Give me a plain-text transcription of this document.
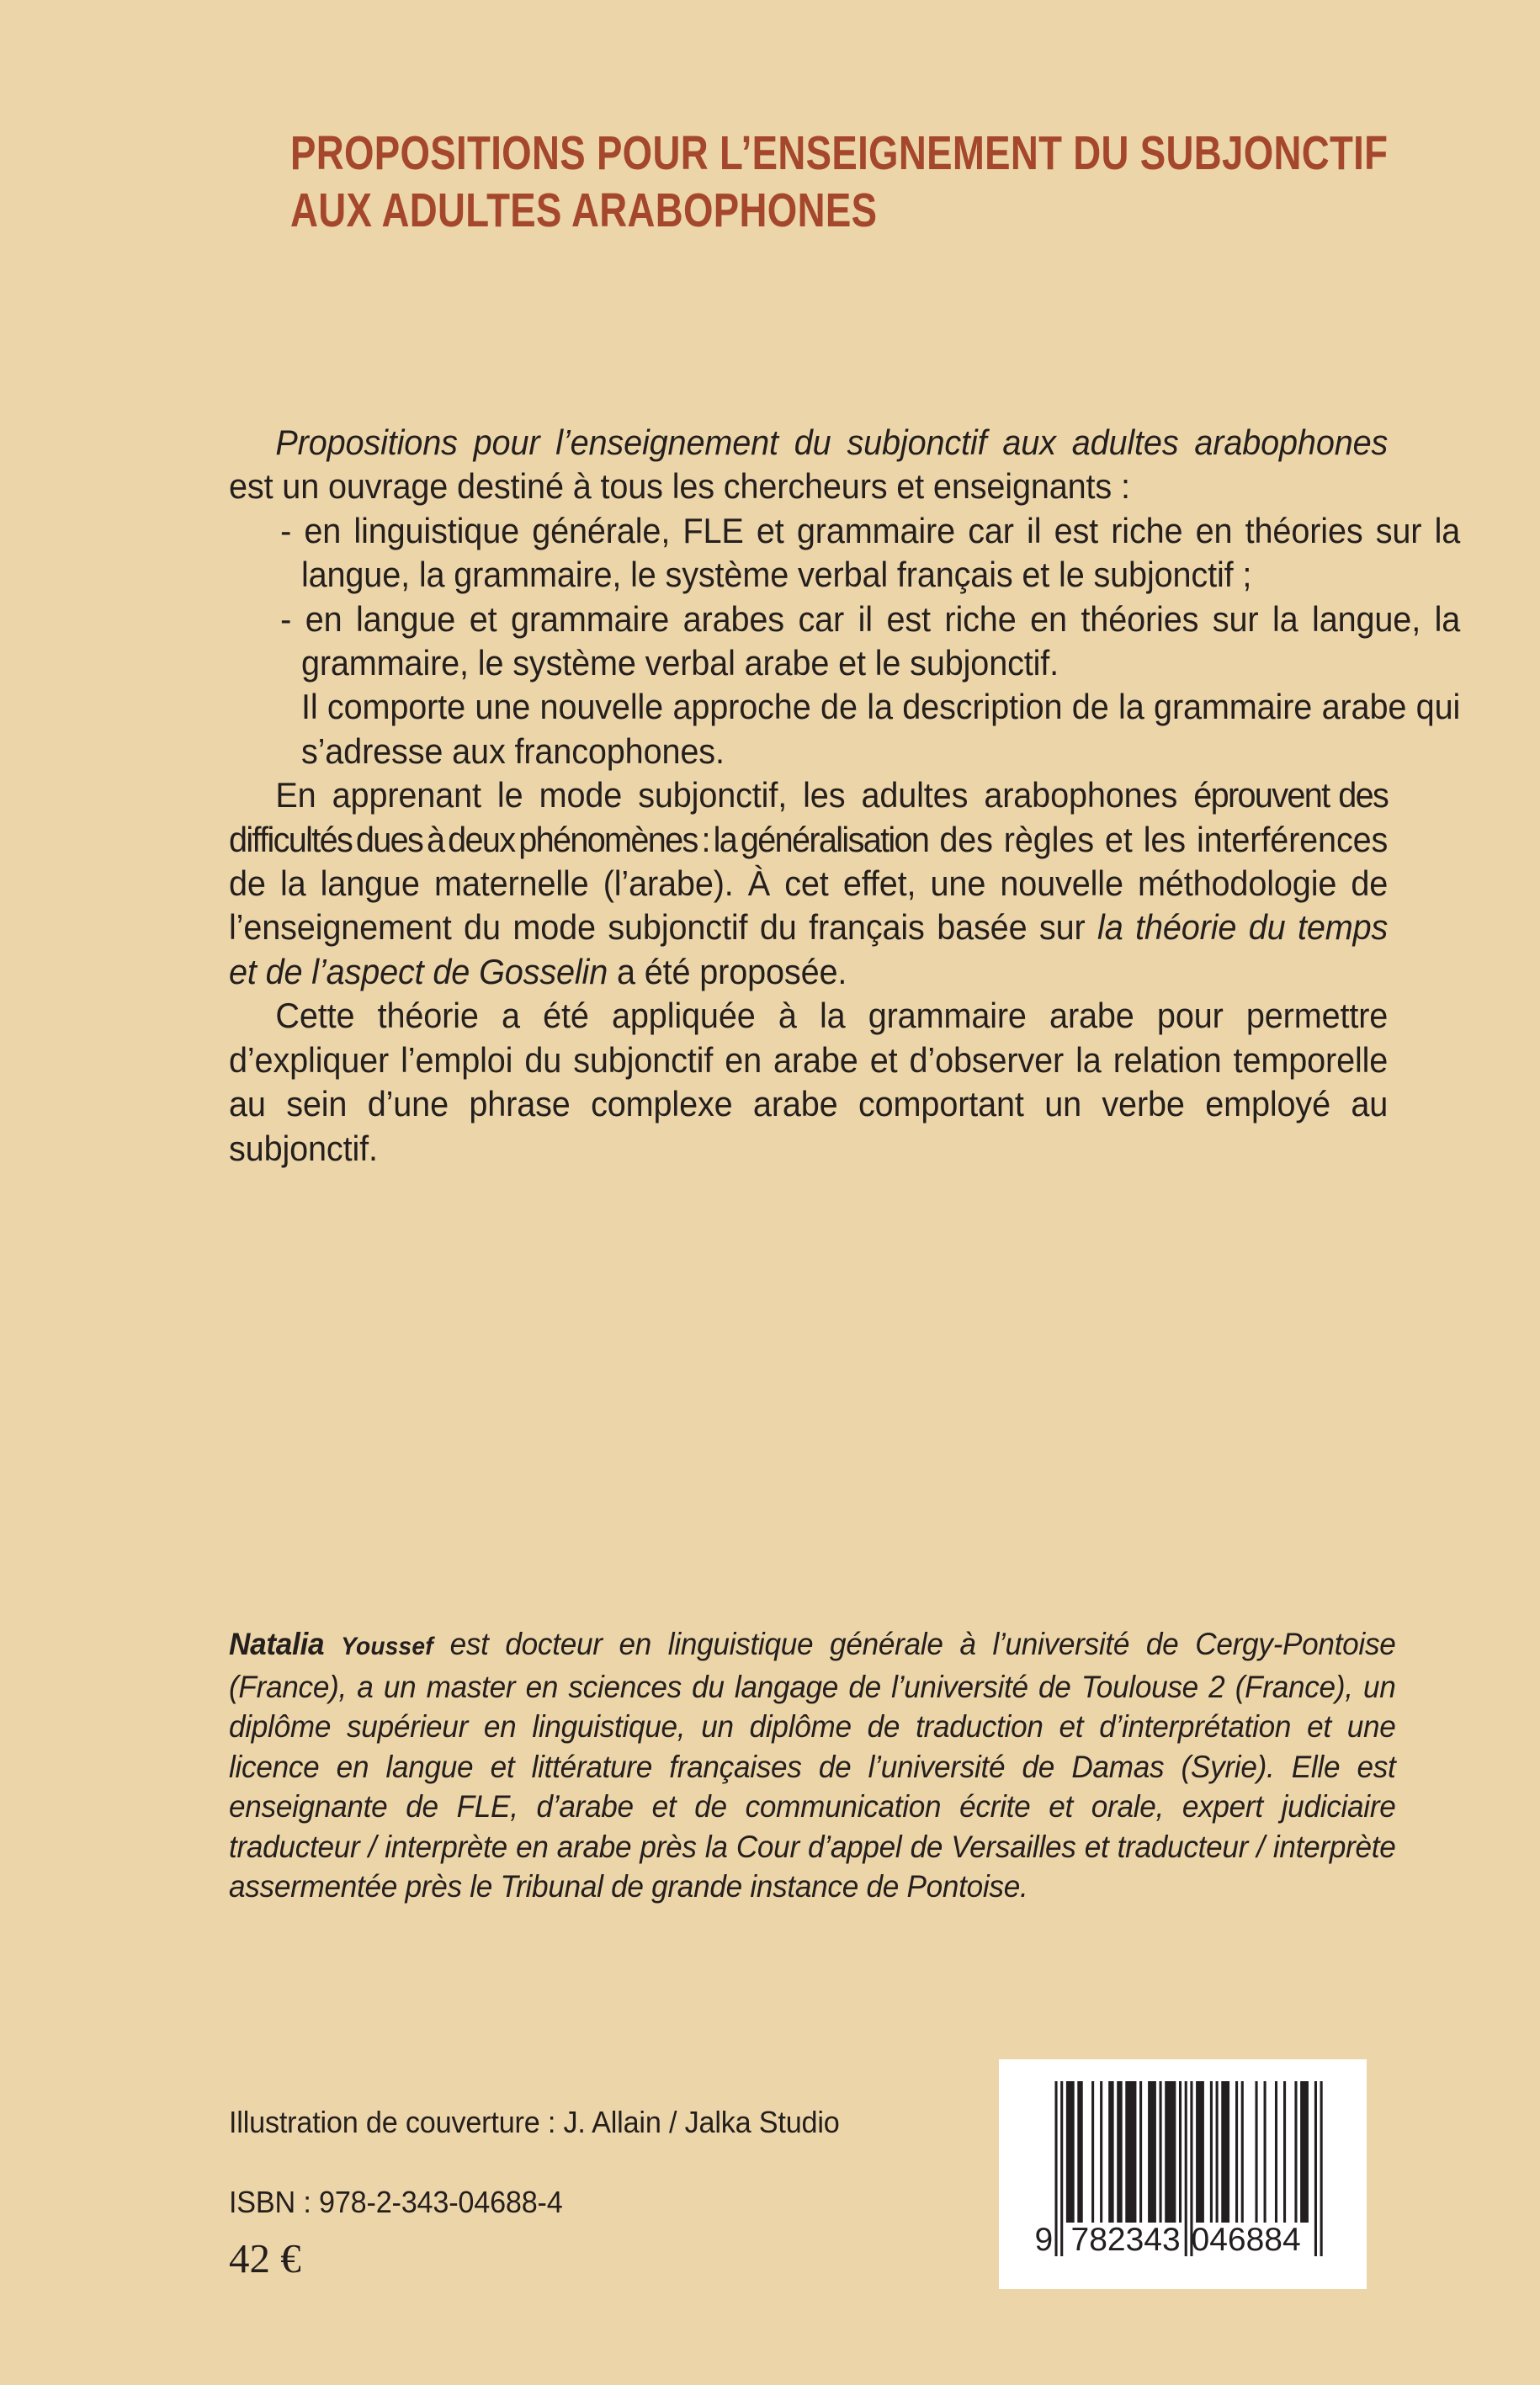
PROPOSITIONS POUR L’ENSEIGNEMENT DU SUBJONCTIF
AUX ADULTES ARABOPHONES

Propositions pour l’enseignement du subjonctif aux adultes arabophones est un ouvrage destiné à tous les chercheurs et enseignants :

- en linguistique générale, FLE et grammaire car il est riche en théories sur la langue, la grammaire, le système verbal français et le subjonctif ;
- en langue et grammaire arabes car il est riche en théories sur la langue, la grammaire, le système verbal arabe et le subjonctif.
Il comporte une nouvelle approche de la description de la grammaire arabe qui s’adresse aux francophones.

En apprenant le mode subjonctif, les adultes arabophones éprouvent des difficultés dues à deux phénomènes : la généralisation des règles et les interférences de la langue maternelle (l’arabe). À cet effet, une nouvelle méthodologie de l’enseignement du mode subjonctif du français basée sur la théorie du temps et de l’aspect de Gosselin a été proposée.

Cette théorie a été appliquée à la grammaire arabe pour permettre d’expliquer l’emploi du subjonctif en arabe et d’observer la relation temporelle au sein d’une phrase complexe arabe comportant un verbe employé au subjonctif.

Natalia Youssef est docteur en linguistique générale à l’université de Cergy-Pontoise (France), a un master en sciences du langage de l’université de Toulouse 2 (France), un diplôme supérieur en linguistique, un diplôme de traduction et d’interprétation et une licence en langue et littérature françaises de l’université de Damas (Syrie). Elle est enseignante de FLE, d’arabe et de communication écrite et orale, expert judiciaire traducteur / interprète en arabe près la Cour d’appel de Versailles et traducteur / interprète assermentée près le Tribunal de grande instance de Pontoise.

Illustration de couverture : J. Allain / Jalka Studio
ISBN : 978-2-343-04688-4
42 €	9 782343 046884
